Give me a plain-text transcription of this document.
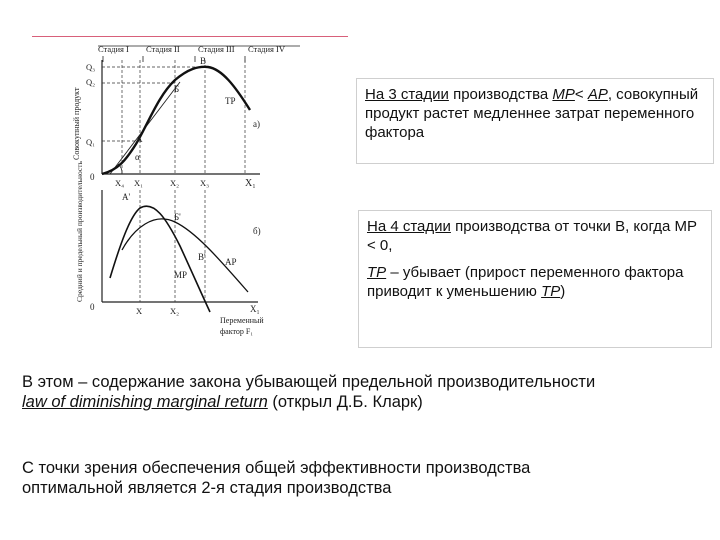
Стадия I Стадия II Стадия III Стадия IV
Совокупный продукт
Q₃
Q₂
Q₁
0
X₄ X₁	X₂ X₃	X₁
B
Б
A
α
TP
а)
Средний и предельный производительность
0	X	X₂	X₁
A'
Б'
B'
MP
AP
б)
Переменный
фактор F₁

На 3 стадии производства МР< АР, совокупный продукт растет медленнее затрат переменного фактора

На 4 стадии производства от точки В, когда МР < 0,

ТР – убывает (прирост переменного фактора приводит к уменьшению ТР)

В этом – содержание закона убывающей предельной производительности
law of diminishing marginal return (открыл Д.Б. Кларк)
С точки зрения обеспечения общей эффективности производства
оптимальной является 2-я стадия производства
